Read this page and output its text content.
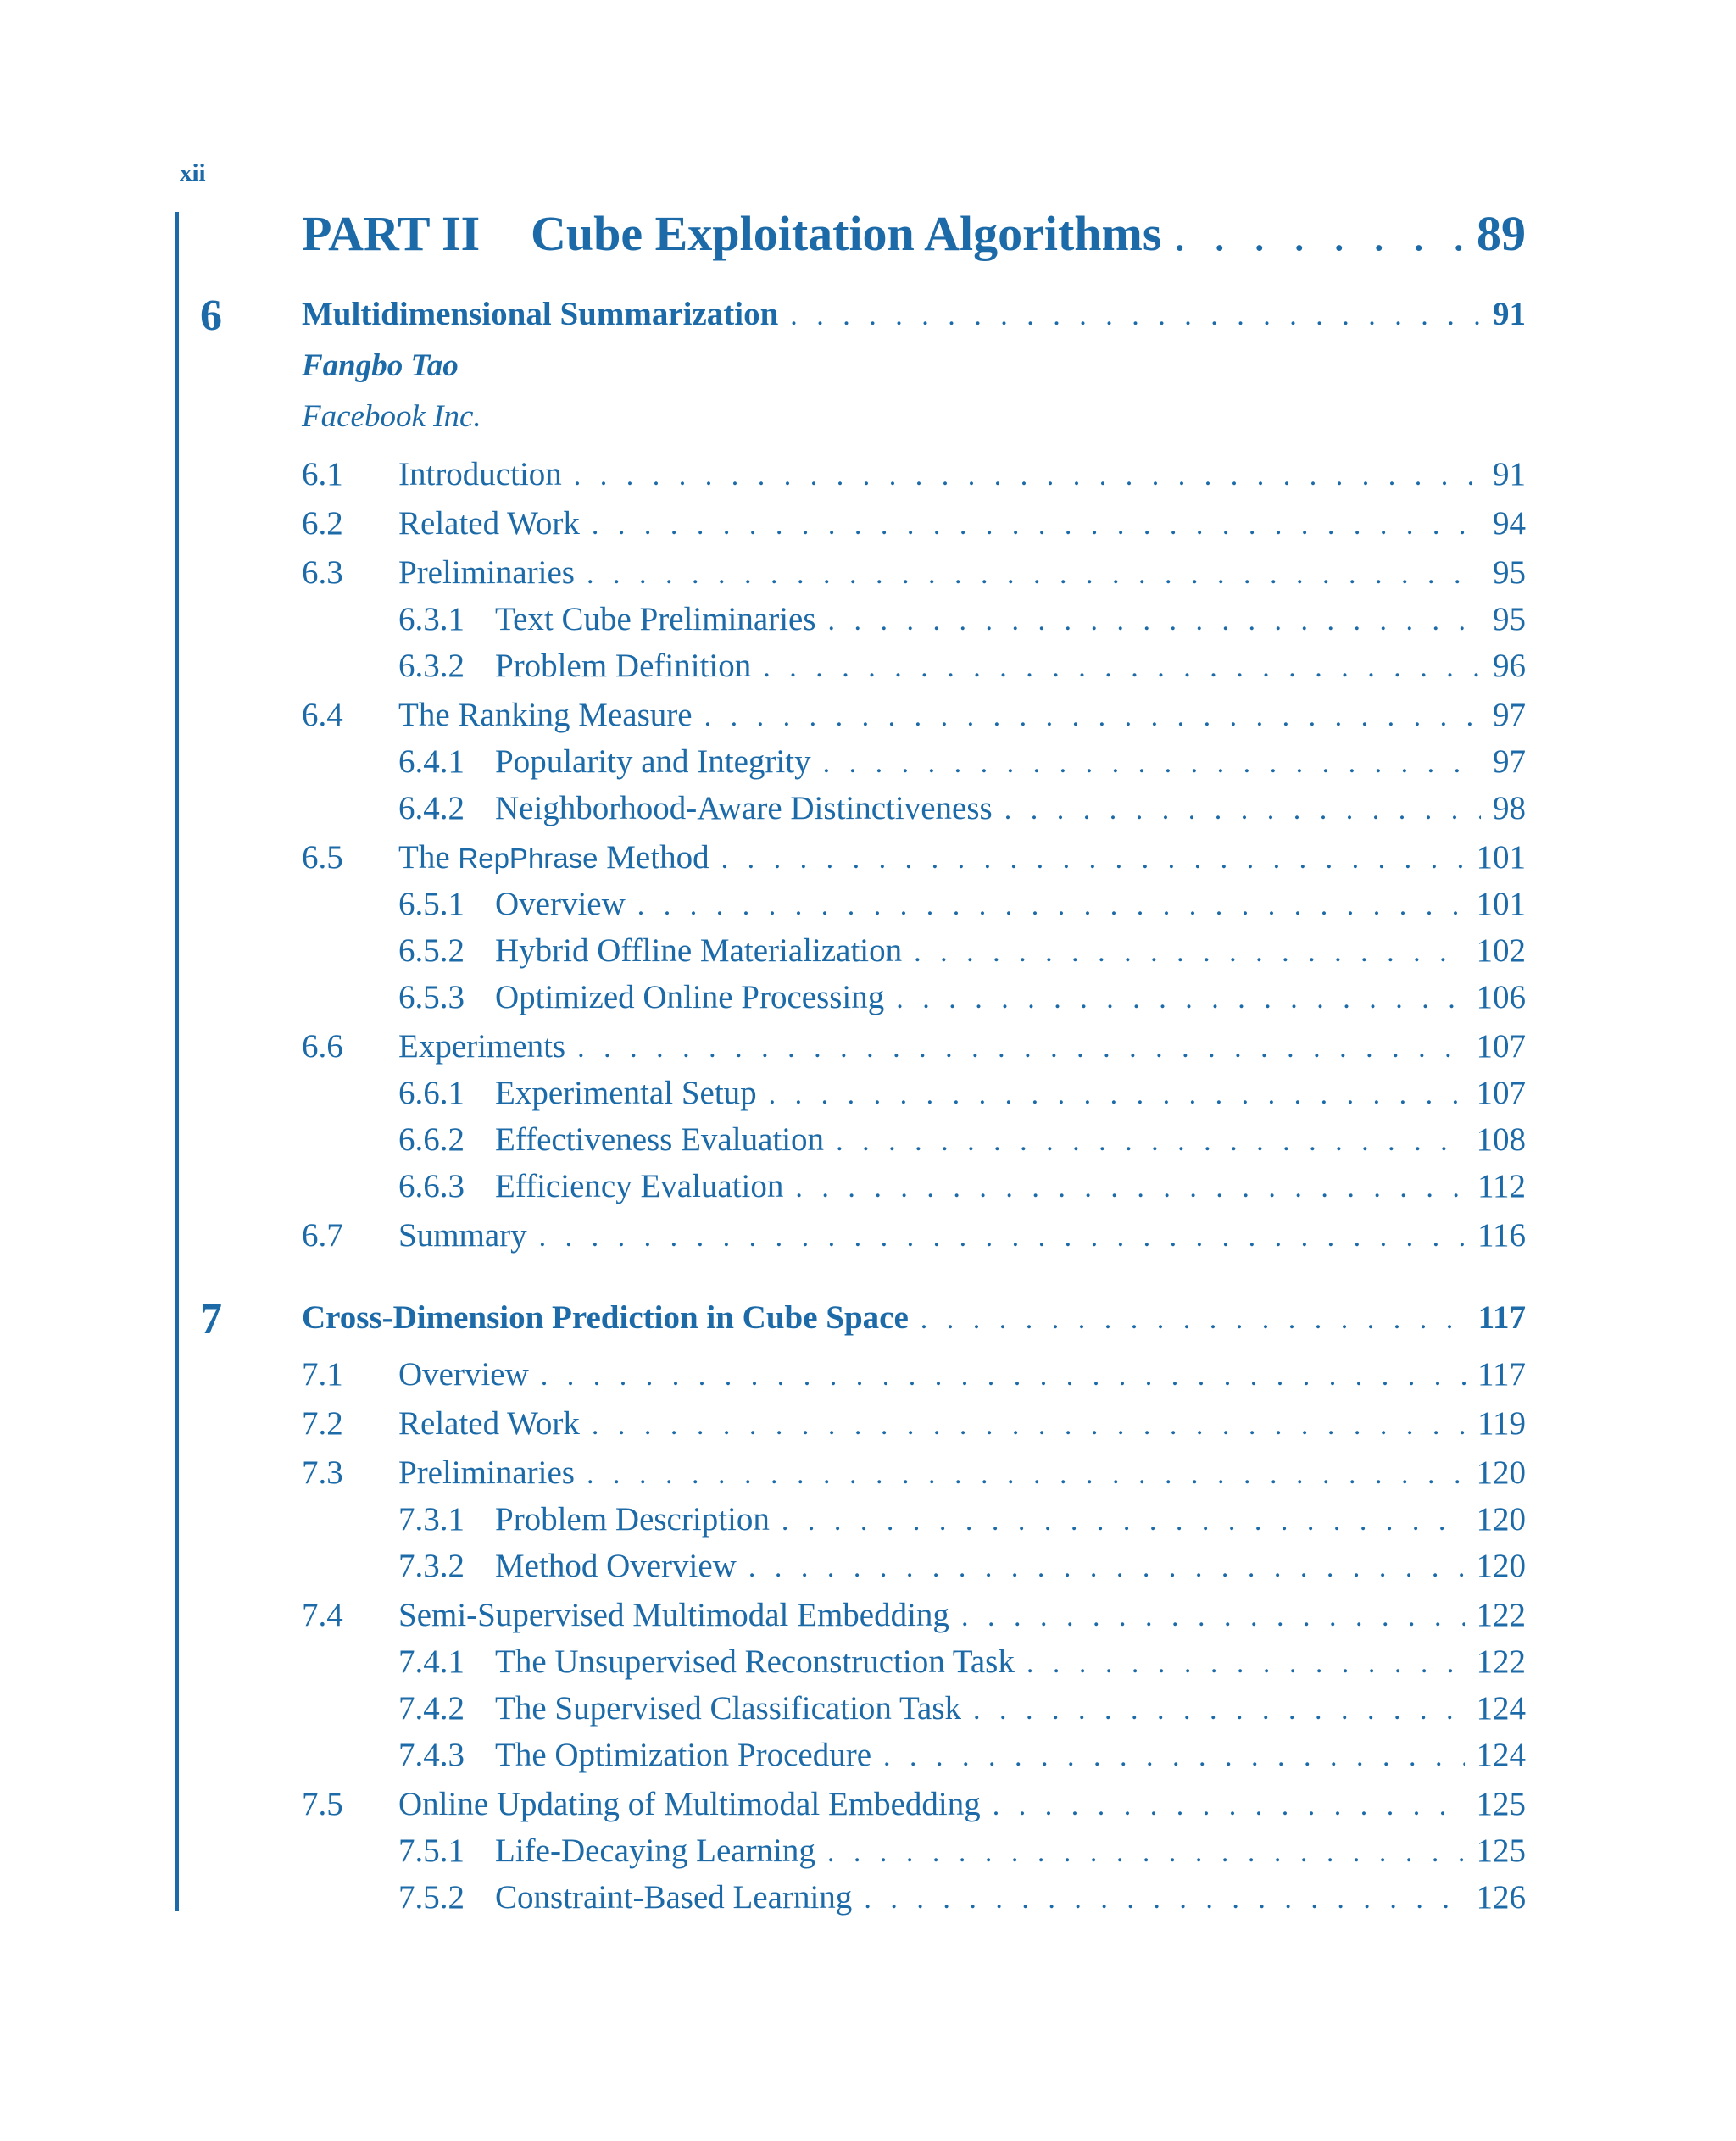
xii
PART II	Cube Exploitation Algorithms . . .	89
6 Multidimensional Summarization . . .	91
Fangbo Tao
Facebook Inc.
6.1	Introduction . . .	91
6.2	Related Work . . .	94
6.3	Preliminaries . . .	95
6.3.1 Text Cube Preliminaries . . .	95
6.3.2 Problem Definition . . .	96
6.4	The Ranking Measure . . .	97
6.4.1 Popularity and Integrity . . .	97
6.4.2 Neighborhood-Aware Distinctiveness . . .	98
6.5	The RepPhrase Method . . .	101
6.5.1 Overview . . .	101
6.5.2 Hybrid Offline Materialization . . .	102
6.5.3 Optimized Online Processing . . .	106
6.6	Experiments . . .	107
6.6.1 Experimental Setup . . .	107
6.6.2 Effectiveness Evaluation . . .	108
6.6.3 Efficiency Evaluation . . .	112
6.7	Summary . . .	116
7 Cross-Dimension Prediction in Cube Space . . .	117
7.1	Overview . . .	117
7.2	Related Work . . .	119
7.3	Preliminaries . . .	120
7.3.1 Problem Description . . .	120
7.3.2 Method Overview . . .	120
7.4	Semi-Supervised Multimodal Embedding . . .	122
7.4.1 The Unsupervised Reconstruction Task . . .	122
7.4.2 The Supervised Classification Task . . .	124
7.4.3 The Optimization Procedure . . .	124
7.5	Online Updating of Multimodal Embedding . . .	125
7.5.1 Life-Decaying Learning . . .	125
7.5.2 Constraint-Based Learning . . .	126
